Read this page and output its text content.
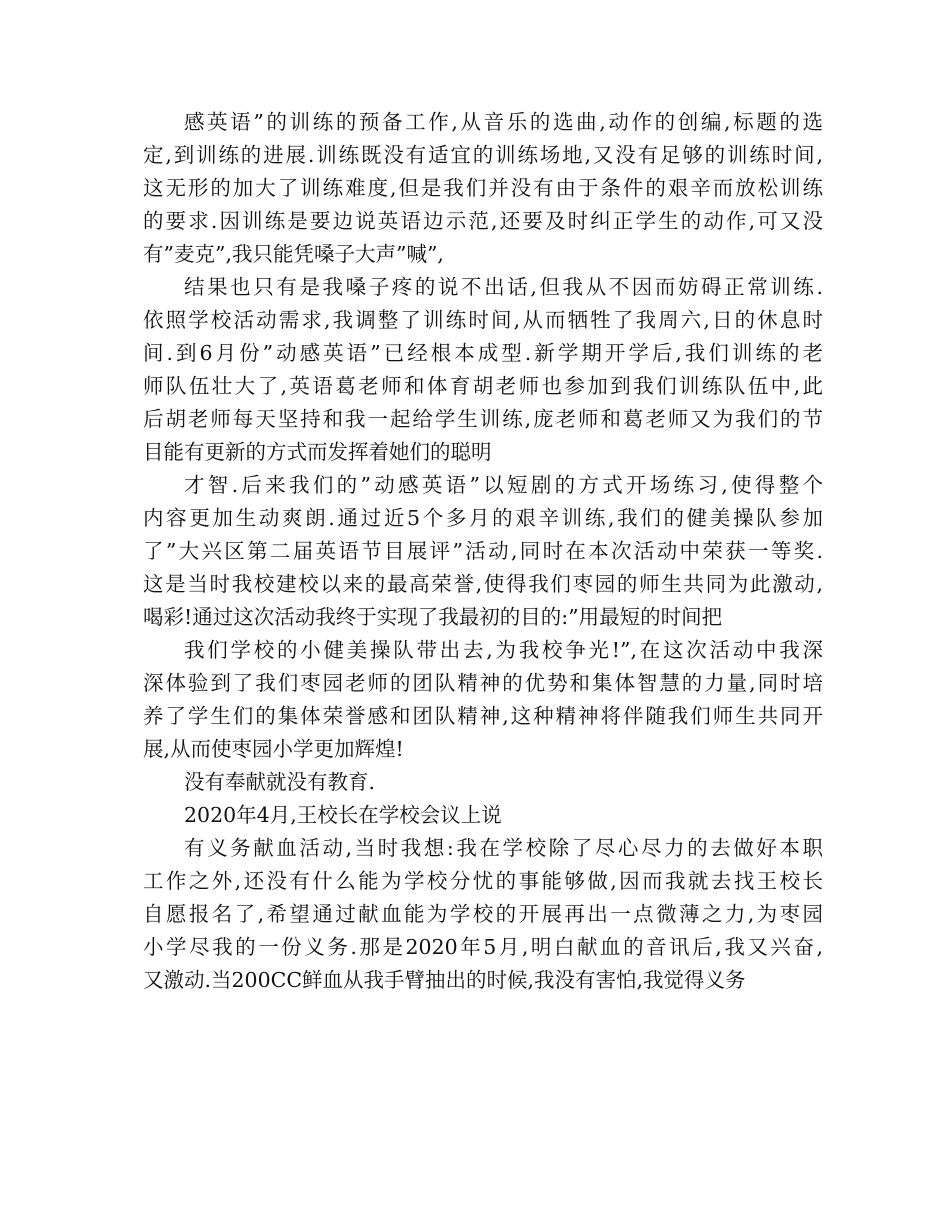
感英语”的训练的预备工作,从音乐的选曲,动作的创编,标题的选
定,到训练的进展.训练既没有适宜的训练场地,又没有足够的训练时间,
这无形的加大了训练难度,但是我们并没有由于条件的艰辛而放松训练
的要求.因训练是要边说英语边示范,还要及时纠正学生的动作,可又没
有”麦克”,我只能凭嗓子大声”喊”,
结果也只有是我嗓子疼的说不出话,但我从不因而妨碍正常训练.
依照学校活动需求,我调整了训练时间,从而牺牲了我周六,日的休息时
间.到6月份”动感英语”已经根本成型.新学期开学后,我们训练的老
师队伍壮大了,英语葛老师和体育胡老师也参加到我们训练队伍中,此
后胡老师每天坚持和我一起给学生训练,庞老师和葛老师又为我们的节
目能有更新的方式而发挥着她们的聪明
才智.后来我们的”动感英语”以短剧的方式开场练习,使得整个
内容更加生动爽朗.通过近5个多月的艰辛训练,我们的健美操队参加
了”大兴区第二届英语节目展评”活动,同时在本次活动中荣获一等奖.
这是当时我校建校以来的最高荣誉,使得我们枣园的师生共同为此激动,
喝彩!通过这次活动我终于实现了我最初的目的:”用最短的时间把
我们学校的小健美操队带出去,为我校争光!”,在这次活动中我深
深体验到了我们枣园老师的团队精神的优势和集体智慧的力量,同时培
养了学生们的集体荣誉感和团队精神,这种精神将伴随我们师生共同开
展,从而使枣园小学更加辉煌!
没有奉献就没有教育.
2020年4月,王校长在学校会议上说
有义务献血活动,当时我想:我在学校除了尽心尽力的去做好本职
工作之外,还没有什么能为学校分忧的事能够做,因而我就去找王校长
自愿报名了,希望通过献血能为学校的开展再出一点微薄之力,为枣园
小学尽我的一份义务.那是2020年5月,明白献血的音讯后,我又兴奋,
又激动.当200CC鲜血从我手臂抽出的时候,我没有害怕,我觉得义务
